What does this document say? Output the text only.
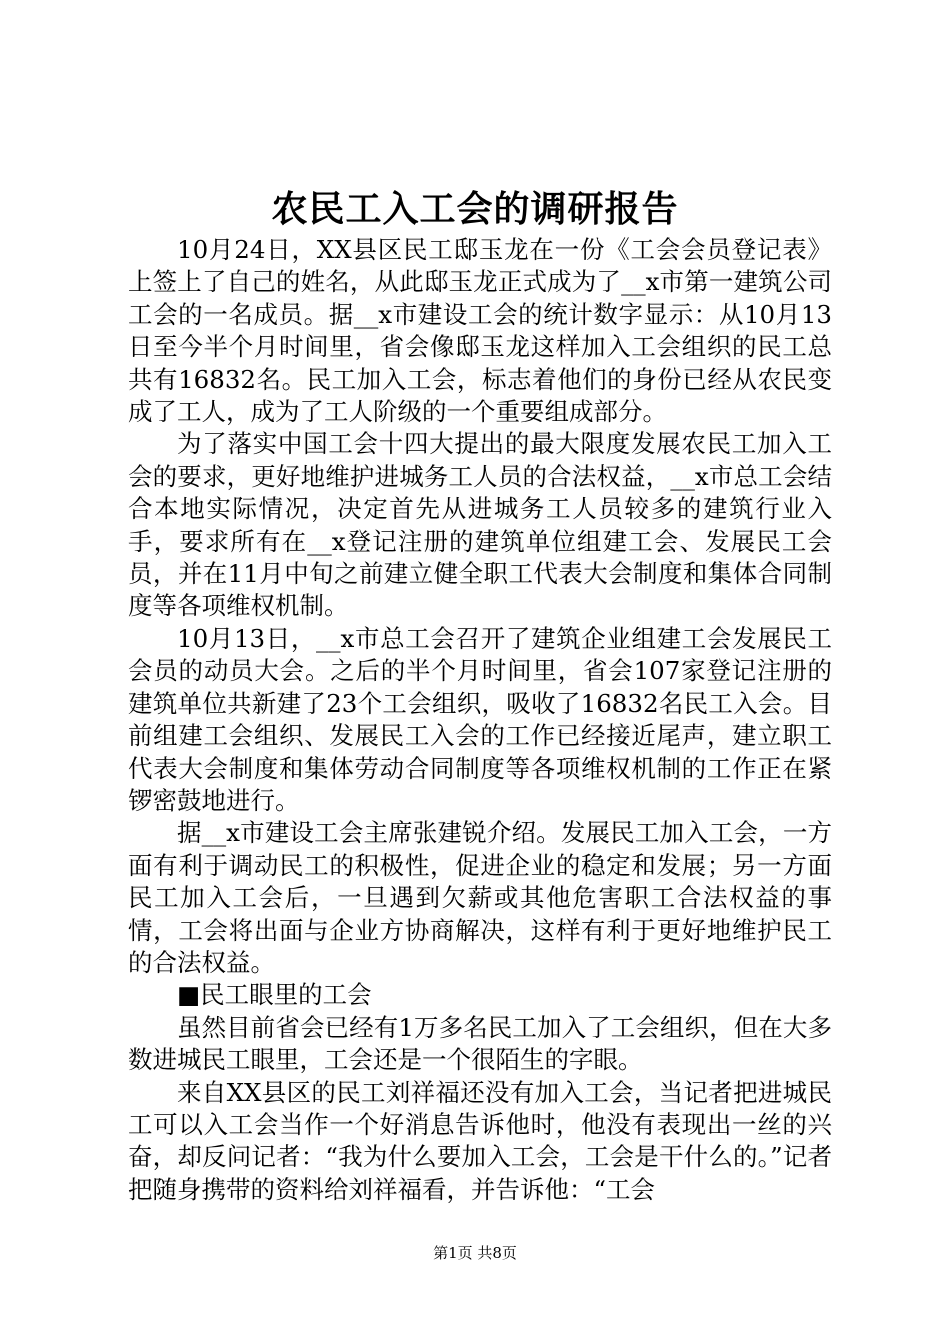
农民工入工会的调研报告

10月24日，XX县区民工邸玉龙在一份《工会会员登记表》上签上了自己的姓名，从此邸玉龙正式成为了__x市第一建筑公司工会的一名成员。据__x市建设工会的统计数字显示：从10月13日至今半个月时间里，省会像邸玉龙这样加入工会组织的民工总共有16832名。民工加入工会，标志着他们的身份已经从农民变成了工人，成为了工人阶级的一个重要组成部分。

为了落实中国工会十四大提出的最大限度发展农民工加入工会的要求，更好地维护进城务工人员的合法权益，__x市总工会结合本地实际情况，决定首先从进城务工人员较多的建筑行业入手，要求所有在__x登记注册的建筑单位组建工会、发展民工会员，并在11月中旬之前建立健全职工代表大会制度和集体合同制度等各项维权机制。

10月13日，__x市总工会召开了建筑企业组建工会发展民工会员的动员大会。之后的半个月时间里，省会107家登记注册的建筑单位共新建了23个工会组织，吸收了16832名民工入会。目前组建工会组织、发展民工入会的工作已经接近尾声，建立职工代表大会制度和集体劳动合同制度等各项维权机制的工作正在紧锣密鼓地进行。

据__x市建设工会主席张建锐介绍。发展民工加入工会，一方面有利于调动民工的积极性，促进企业的稳定和发展；另一方面民工加入工会后，一旦遇到欠薪或其他危害职工合法权益的事情，工会将出面与企业方协商解决，这样有利于更好地维护民工的合法权益。

■民工眼里的工会

虽然目前省会已经有1万多名民工加入了工会组织，但在大多数进城民工眼里，工会还是一个很陌生的字眼。

来自XX县区的民工刘祥福还没有加入工会，当记者把进城民工可以入工会当作一个好消息告诉他时，他没有表现出一丝的兴奋，却反问记者：“我为什么要加入工会，工会是干什么的。”记者把随身携带的资料给刘祥福看，并告诉他：“工会

第1页 共8页
